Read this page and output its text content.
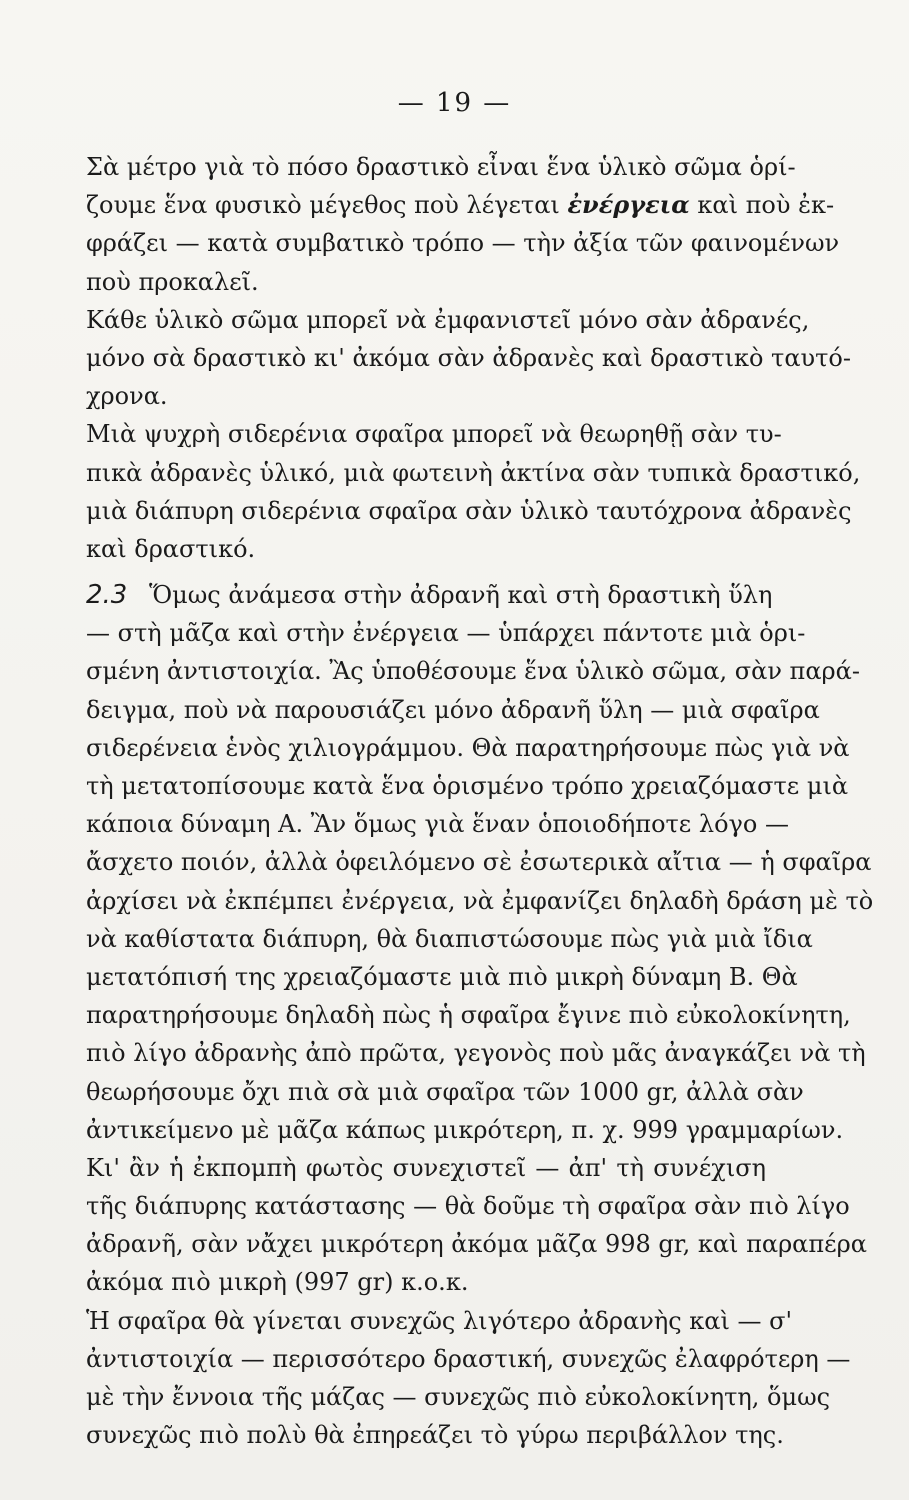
— 19 —
Σὰ μέτρο γιὰ τὸ πόσο δραστικὸ εἶναι ἕνα ὑλικὸ σῶμα ὁρί-
ζουμε ἕνα φυσικὸ μέγεθος ποὺ λέγεται ἐνέργεια καὶ ποὺ ἐκ-
φράζει — κατὰ συμβατικὸ τρόπο — τὴν ἀξία τῶν φαινομένων
ποὺ προκαλεῖ.
Κάθε ὑλικὸ σῶμα μπορεῖ νὰ ἐμφανιστεῖ μόνο σὰν ἀδρανές,
μόνο σὰ δραστικὸ κι' ἀκόμα σὰν ἀδρανὲς καὶ δραστικὸ ταυτό-
χρονα.
Μιὰ ψυχρὴ σιδερένια σφαῖρα μπορεῖ νὰ θεωρηθῇ σὰν τυ-
πικὰ ἀδρανὲς ὑλικό, μιὰ φωτεινὴ ἀκτίνα σὰν τυπικὰ δραστικό,
μιὰ διάπυρη σιδερένια σφαῖρα σὰν ὑλικὸ ταυτόχρονα ἀδρανὲς
καὶ δραστικό.
2.3 Ὅμως ἀνάμεσα στὴν ἀδρανῆ καὶ στὴ δραστικὴ ὕλη
— στὴ μᾶζα καὶ στὴν ἐνέργεια — ὑπάρχει πάντοτε μιὰ ὁρι-
σμένη ἀντιστοιχία. Ἂς ὑποθέσουμε ἕνα ὑλικὸ σῶμα, σὰν παρά-
δειγμα, ποὺ νὰ παρουσιάζει μόνο ἀδρανῆ ὕλη — μιὰ σφαῖρα
σιδερένεια ἑνὸς χιλιογράμμου. Θὰ παρατηρήσουμε πὼς γιὰ νὰ
τὴ μετατοπίσουμε κατὰ ἕνα ὁρισμένο τρόπο χρειαζόμαστε μιὰ
κάποια δύναμη Α. Ἂν ὅμως γιὰ ἕναν ὁποιοδήποτε λόγο —
ἄσχετο ποιόν, ἀλλὰ ὀφειλόμενο σὲ ἐσωτερικὰ αἴτια — ἡ σφαῖρα
ἀρχίσει νὰ ἐκπέμπει ἐνέργεια, νὰ ἐμφανίζει δηλαδὴ δράση μὲ τὸ
νὰ καθίστατα διάπυρη, θὰ διαπιστώσουμε πὼς γιὰ μιὰ ἴδια
μετατόπισή της χρειαζόμαστε μιὰ πιὸ μικρὴ δύναμη Β. Θὰ
παρατηρήσουμε δηλαδὴ πὼς ἡ σφαῖρα ἔγινε πιὸ εὐκολοκίνητη,
πιὸ λίγο ἀδρανὴς ἀπὸ πρῶτα, γεγονὸς ποὺ μᾶς ἀναγκάζει νὰ τὴ
θεωρήσουμε ὄχι πιὰ σὰ μιὰ σφαῖρα τῶν 1000 gr, ἀλλὰ σὰν
ἀντικείμενο μὲ μᾶζα κάπως μικρότερη, π. χ. 999 γραμμαρίων.
Κι' ἂν ἡ ἐκπομπὴ φωτὸς συνεχιστεῖ — ἀπ' τὴ συνέχιση
τῆς διάπυρης κατάστασης — θὰ δοῦμε τὴ σφαῖρα σὰν πιὸ λίγο
ἀδρανῆ, σὰν νἄχει μικρότερη ἀκόμα μᾶζα 998 gr, καὶ παραπέρα
ἀκόμα πιὸ μικρὴ (997 gr) κ.ο.κ.
Ἡ σφαῖρα θὰ γίνεται συνεχῶς λιγότερο ἀδρανὴς καὶ — σ'
ἀντιστοιχία — περισσότερο δραστική, συνεχῶς ἐλαφρότερη —
μὲ τὴν ἔννοια τῆς μάζας — συνεχῶς πιὸ εὐκολοκίνητη, ὅμως
συνεχῶς πιὸ πολὺ θὰ ἐπηρεάζει τὸ γύρω περιβάλλον της.
